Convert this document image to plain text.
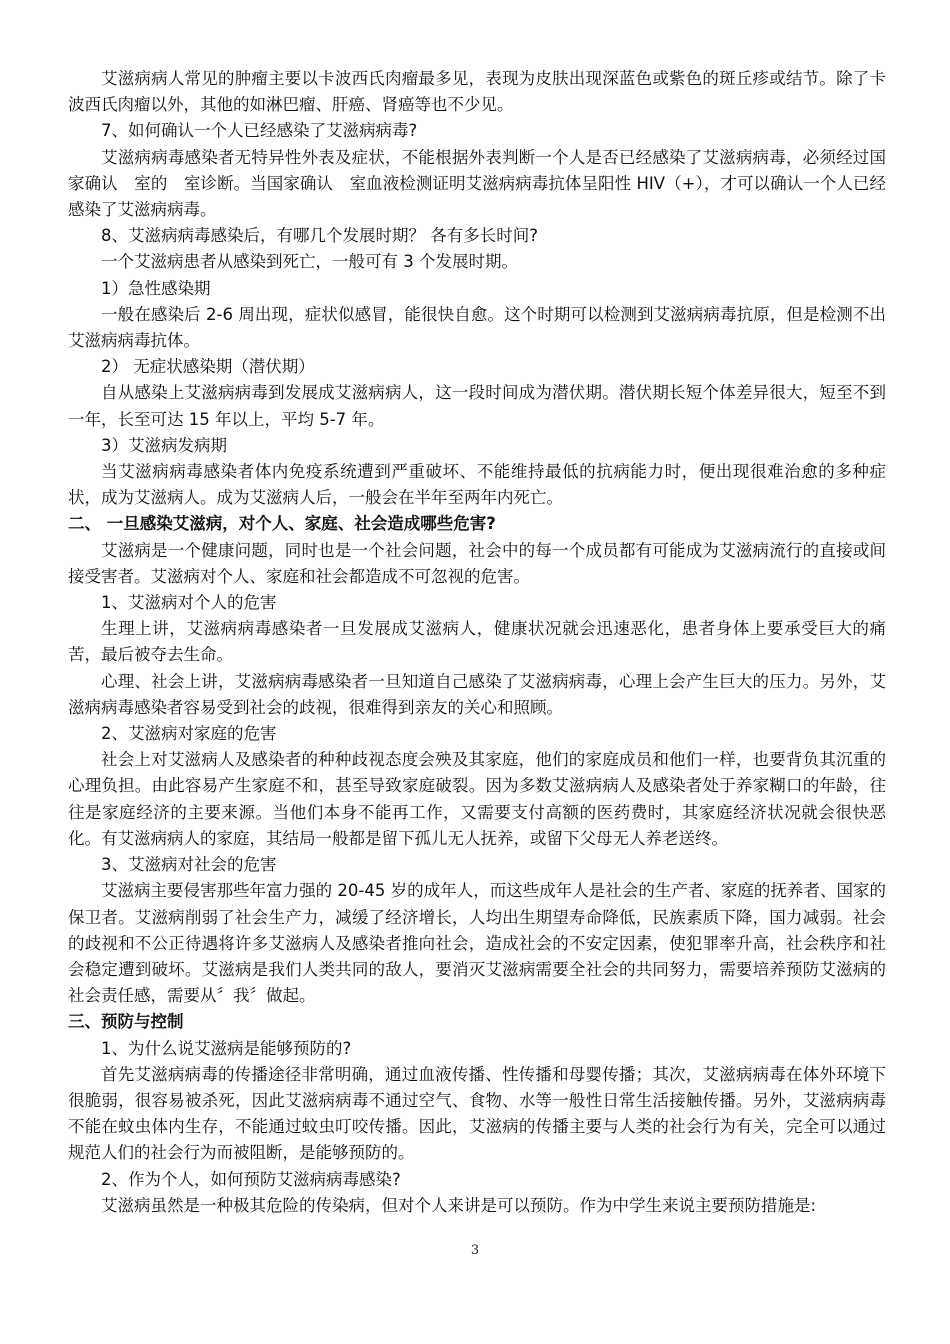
艾滋病病人常见的肿瘤主要以卡波西氏肉瘤最多见，表现为皮肤出现深蓝色或紫色的斑丘疹或结节。除了卡波西氏肉瘤以外，其他的如淋巴瘤、肝癌、肾癌等也不少见。

7、如何确认一个人已经感染了艾滋病病毒?

艾滋病病毒感染者无特异性外表及症状，不能根据外表判断一个人是否已经感染了艾滋病病毒，必须经过国家确认　室的　室诊断。当国家确认　室血液检测证明艾滋病病毒抗体呈阳性 HIV（+），才可以确认一个人已经感染了艾滋病病毒。

8、艾滋病病毒感染后，有哪几个发展时期？ 各有多长时间?

一个艾滋病患者从感染到死亡，一般可有 3 个发展时期。

1）急性感染期

一般在感染后 2-6 周出现，症状似感冒，能很快自愈。这个时期可以检测到艾滋病病毒抗原，但是检测不出艾滋病病毒抗体。

2） 无症状感染期（潜伏期）

自从感染上艾滋病病毒到发展成艾滋病病人，这一段时间成为潜伏期。潜伏期长短个体差异很大，短至不到一年，长至可达 15 年以上，平均 5-7 年。

3）艾滋病发病期

当艾滋病病毒感染者体内免疫系统遭到严重破坏、不能维持最低的抗病能力时，便出现很难治愈的多种症状，成为艾滋病人。成为艾滋病人后，一般会在半年至两年内死亡。

二、 一旦感染艾滋病，对个人、家庭、社会造成哪些危害?

艾滋病是一个健康问题，同时也是一个社会问题，社会中的每一个成员都有可能成为艾滋病流行的直接或间接受害者。艾滋病对个人、家庭和社会都造成不可忽视的危害。

1、艾滋病对个人的危害

生理上讲，艾滋病病毒感染者一旦发展成艾滋病人，健康状况就会迅速恶化，患者身体上要承受巨大的痛苦，最后被夺去生命。

心理、社会上讲，艾滋病病毒感染者一旦知道自己感染了艾滋病病毒，心理上会产生巨大的压力。另外，艾滋病病毒感染者容易受到社会的歧视，很难得到亲友的关心和照顾。

2、艾滋病对家庭的危害

社会上对艾滋病人及感染者的种种歧视态度会殃及其家庭，他们的家庭成员和他们一样，也要背负其沉重的心理负担。由此容易产生家庭不和，甚至导致家庭破裂。因为多数艾滋病病人及感染者处于养家糊口的年龄，往往是家庭经济的主要来源。当他们本身不能再工作，又需要支付高额的医药费时，其家庭经济状况就会很快恶化。有艾滋病病人的家庭，其结局一般都是留下孤儿无人抚养，或留下父母无人养老送终。

3、艾滋病对社会的危害

艾滋病主要侵害那些年富力强的 20-45 岁的成年人，而这些成年人是社会的生产者、家庭的抚养者、国家的保卫者。艾滋病削弱了社会生产力，减缓了经济增长，人均出生期望寿命降低，民族素质下降，国力减弱。社会的歧视和不公正待遇将许多艾滋病人及感染者推向社会，造成社会的不安定因素，使犯罪率升高，社会秩序和社会稳定遭到破坏。艾滋病是我们人类共同的敌人，要消灭艾滋病需要全社会的共同努力，需要培养预防艾滋病的社会责任感，需要从〞我〞做起。

三、预防与控制

1、为什么说艾滋病是能够预防的?

首先艾滋病病毒的传播途径非常明确，通过血液传播、性传播和母婴传播；其次，艾滋病病毒在体外环境下很脆弱，很容易被杀死，因此艾滋病病毒不通过空气、食物、水等一般性日常生活接触传播。另外，艾滋病病毒不能在蚊虫体内生存，不能通过蚊虫叮咬传播。因此，艾滋病的传播主要与人类的社会行为有关，完全可以通过规范人们的社会行为而被阻断，是能够预防的。

2、作为个人，如何预防艾滋病病毒感染?

艾滋病虽然是一种极其危险的传染病，但对个人来讲是可以预防。作为中学生来说主要预防措施是:

3
